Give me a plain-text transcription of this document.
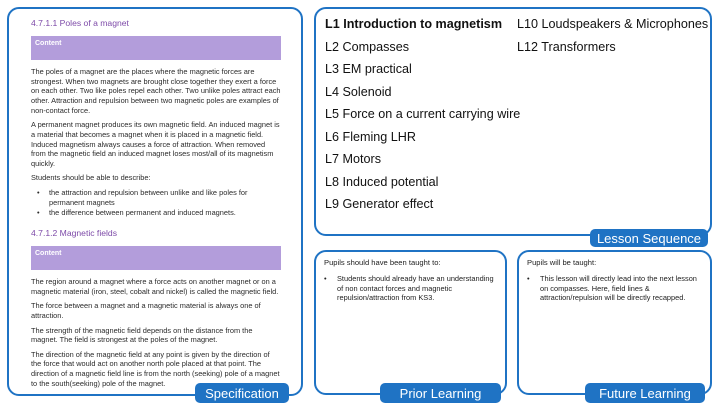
4.7.1.1 Poles of a magnet
Content

The poles of a magnet are the places where the magnetic forces are strongest. When two magnets are brought close together they exert a force on each other. Two like poles repel each other. Two unlike poles attract each other. Attraction and repulsion between two magnetic poles are examples of non-contact force.

A permanent magnet produces its own magnetic field. An induced magnet is a material that becomes a magnet when it is placed in a magnetic field. Induced magnetism always causes a force of attraction. When removed from the magnetic field an induced magnet loses most/all of its magnetism quickly.

Students should be able to describe:

• the attraction and repulsion between unlike and like poles for permanent magnets
• the difference between permanent and induced magnets.
4.7.1.2 Magnetic fields
Content

The region around a magnet where a force acts on another magnet or on a magnetic material (iron, steel, cobalt and nickel) is called the magnetic field.

The force between a magnet and a magnetic material is always one of attraction.

The strength of the magnetic field depends on the distance from the magnet. The field is strongest at the poles of the magnet.

The direction of the magnetic field at any point is given by the direction of the force that would act on another north pole placed at that point. The direction of a magnetic field line is from the north (seeking) pole of a magnet to the south(seeking) pole of the magnet.

Specification
L1 Introduction to magnetism
L2 Compasses
L3 EM practical
L4 Solenoid
L5 Force on a current carrying wire
L6 Fleming LHR
L7 Motors
L8 Induced potential
L9 Generator effect
L10 Loudspeakers & Microphones
L12 Transformers
Lesson Sequence
Pupils should have been taught to:
•	Students should already have an understanding of non contact forces and magnetic repulsion/attraction from KS3.
Prior Learning
Pupils will be taught:
•	This lesson will directly lead into the next lesson on compasses. Here, field lines & attraction/repulsion will be directly recapped.
Future Learning
